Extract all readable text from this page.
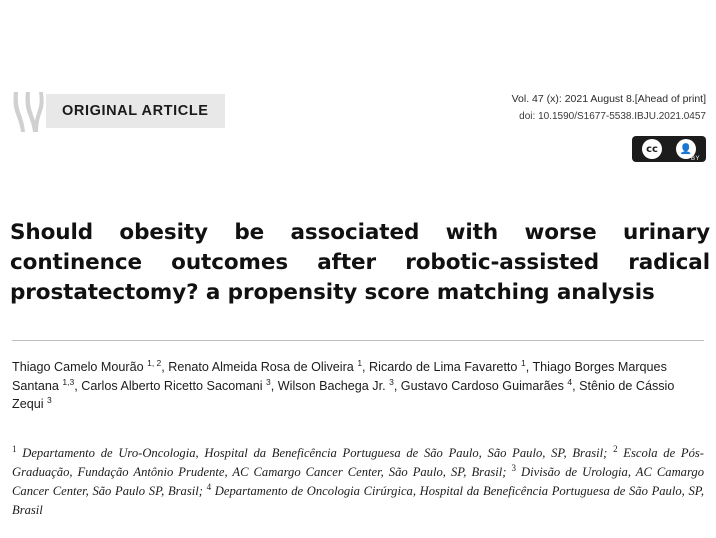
ORIGINAL ARTICLE
Vol. 47 (x): 2021 August 8.[Ahead of print]
doi: 10.1590/S1677-5538.IBJU.2021.0457
cc	👤
BY
Should obesity be associated with worse urinary continence outcomes after robotic-assisted radical prostatectomy? a propensity score matching analysis
Thiago Camelo Mourão $^{1, 2}$, Renato Almeida Rosa de Oliveira $^1$, Ricardo de Lima Favaretto $^1$, Thiago Borges Marques Santana $^{1,3}$, Carlos Alberto Ricetto Sacomani $^3$, Wilson Bachega Jr. $^3$, Gustavo Cardoso Guimarães $^4$, Stênio de Cássio Zequi $^3$
$^1$ Departamento de Uro-Oncologia, Hospital da Beneficência Portuguesa de São Paulo, São Paulo, SP, Brasil; $^2$ Escola de Pós-Graduação, Fundação Antônio Prudente, AC Camargo Cancer Center, São Paulo, SP, Brasil; $^3$ Divisão de Urologia, AC Camargo Cancer Center, São Paulo SP, Brasil; $^4$ Departamento de Oncologia Cirúrgica, Hospital da Beneficência Portuguesa de São Paulo, SP, Brasil
